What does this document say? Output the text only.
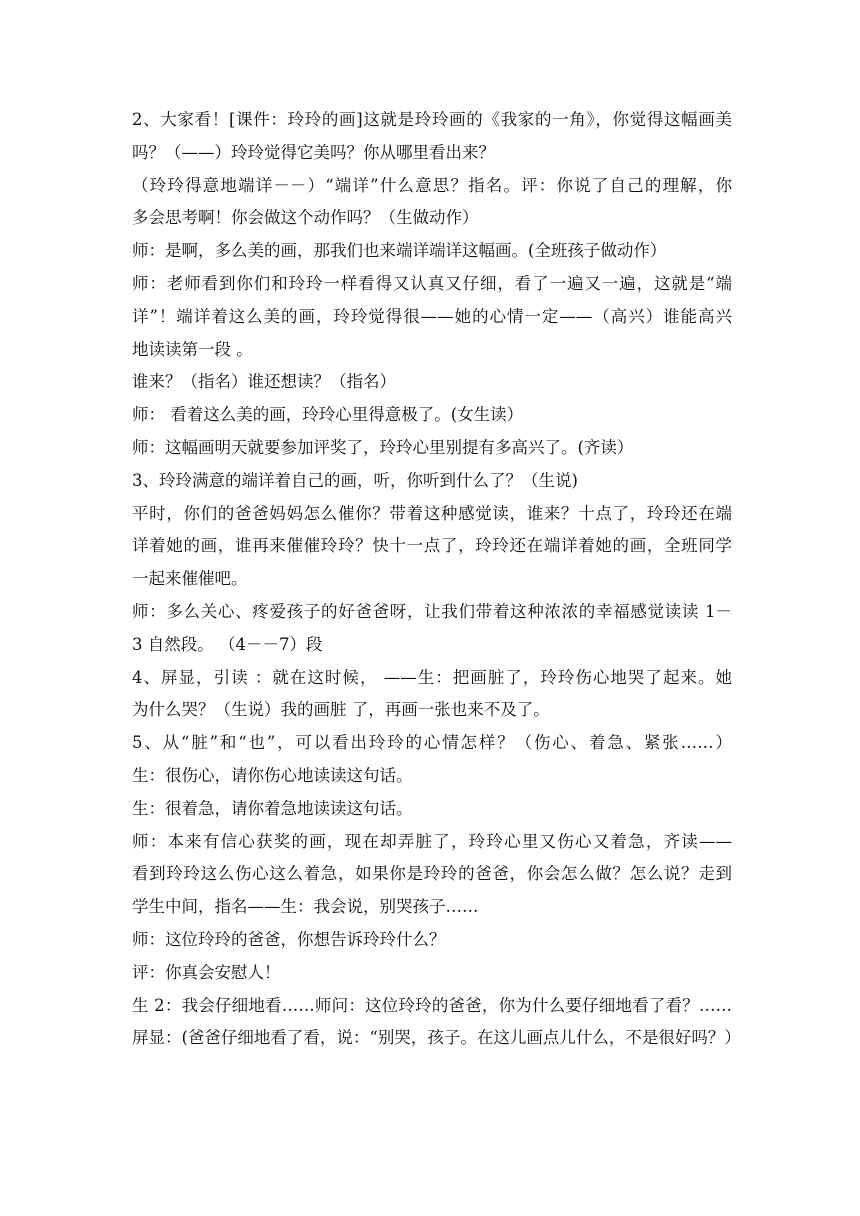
2、大家看！[课件：玲玲的画]这就是玲玲画的《我家的一角》，你觉得这幅画美
吗？（——）玲玲觉得它美吗？你从哪里看出来？
（玲玲得意地端详－－）“端详”什么意思？指名。评：你说了自己的理解，你
多会思考啊！你会做这个动作吗？（生做动作）
师：是啊，多么美的画，那我们也来端详端详这幅画。(全班孩子做动作）
师：老师看到你们和玲玲一样看得又认真又仔细，看了一遍又一遍，这就是“端
详”！端详着这么美的画，玲玲觉得很——她的心情一定——（高兴）谁能高兴
地读读第一段 。
谁来？（指名）谁还想读？（指名）
师： 看着这么美的画，玲玲心里得意极了。(女生读）
师：这幅画明天就要参加评奖了，玲玲心里别提有多高兴了。(齐读）
3、玲玲满意的端详着自己的画，听，你听到什么了？（生说)
平时，你们的爸爸妈妈怎么催你？带着这种感觉读，谁来？十点了，玲玲还在端
详着她的画，谁再来催催玲玲？快十一点了，玲玲还在端详着她的画，全班同学
一起来催催吧。
师：多么关心、疼爱孩子的好爸爸呀，让我们带着这种浓浓的幸福感觉读读 1－
3 自然段。 （4－－7）段
4、屏显，引读 ：就在这时候， ——生：把画脏了，玲玲伤心地哭了起来。她
为什么哭？（生说）我的画脏 了，再画一张也来不及了。
5、从“脏”和“也”，可以看出玲玲的心情怎样？（伤心、着急、紧张……）
生：很伤心，请你伤心地读读这句话。
生：很着急，请你着急地读读这句话。
师：本来有信心获奖的画，现在却弄脏了，玲玲心里又伤心又着急，齐读——
看到玲玲这么伤心这么着急，如果你是玲玲的爸爸，你会怎么做？怎么说？走到
学生中间，指名——生：我会说，别哭孩子……
师：这位玲玲的爸爸，你想告诉玲玲什么？
评：你真会安慰人！
生 2：我会仔细地看……师问：这位玲玲的爸爸，你为什么要仔细地看了看？……
屏显：(爸爸仔细地看了看，说：“别哭，孩子。在这儿画点儿什么，不是很好吗？）
